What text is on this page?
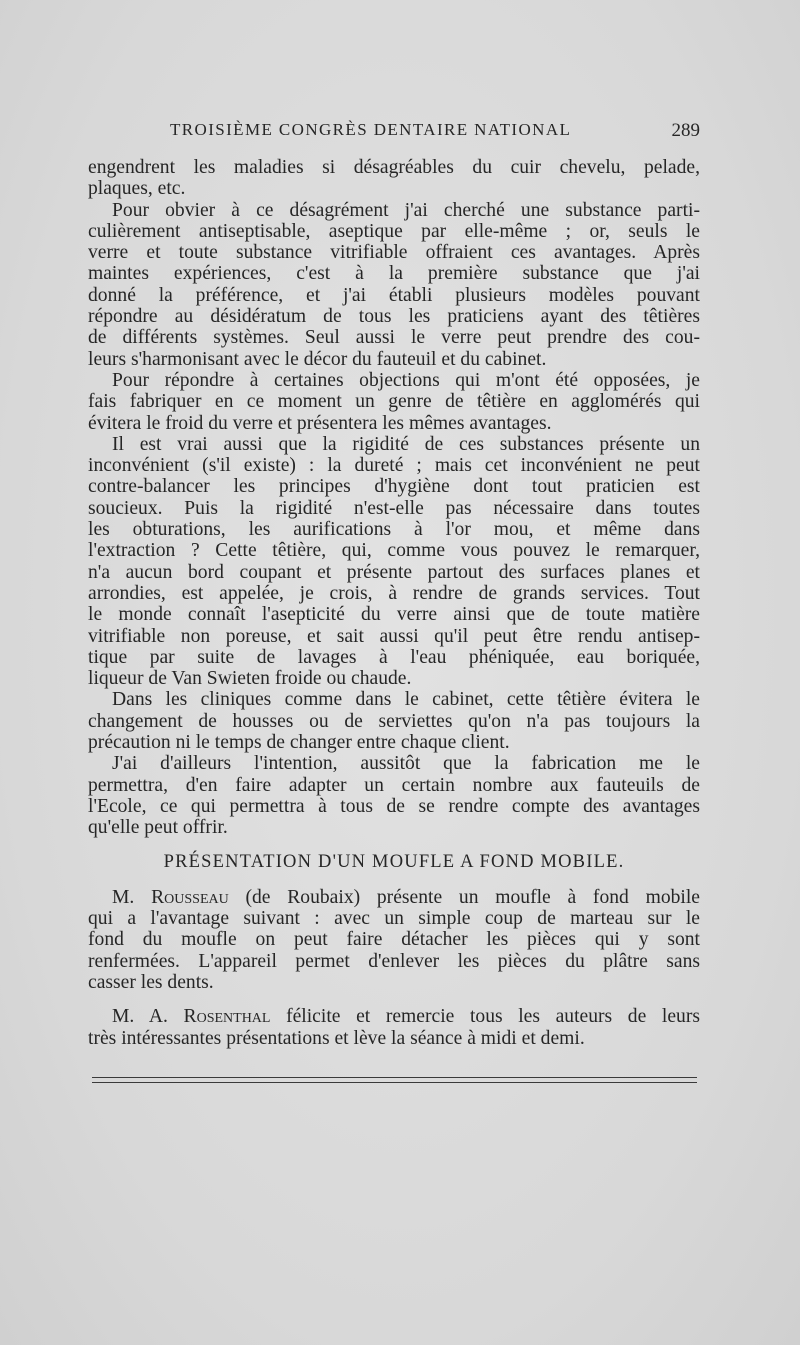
TROISIÈME CONGRÈS DENTAIRE NATIONAL	289
engendrent les maladies si désagréables du cuir chevelu, pelade,
plaques, etc.
Pour obvier à ce désagrément j'ai cherché une substance parti-
culièrement antiseptisable, aseptique par elle-même ; or, seuls le
verre et toute substance vitrifiable offraient ces avantages. Après
maintes expériences, c'est à la première substance que j'ai
donné la préférence, et j'ai établi plusieurs modèles pouvant
répondre au désidératum de tous les praticiens ayant des têtières
de différents systèmes. Seul aussi le verre peut prendre des cou-
leurs s'harmonisant avec le décor du fauteuil et du cabinet.
Pour répondre à certaines objections qui m'ont été opposées, je
fais fabriquer en ce moment un genre de têtière en agglomérés qui
évitera le froid du verre et présentera les mêmes avantages.
Il est vrai aussi que la rigidité de ces substances présente un
inconvénient (s'il existe) : la dureté ; mais cet inconvénient ne peut
contre-balancer les principes d'hygiène dont tout praticien est
soucieux. Puis la rigidité n'est-elle pas nécessaire dans toutes
les obturations, les aurifications à l'or mou, et même dans
l'extraction ? Cette têtière, qui, comme vous pouvez le remarquer,
n'a aucun bord coupant et présente partout des surfaces planes et
arrondies, est appelée, je crois, à rendre de grands services. Tout
le monde connaît l'asepticité du verre ainsi que de toute matière
vitrifiable non poreuse, et sait aussi qu'il peut être rendu antisep-
tique par suite de lavages à l'eau phéniquée, eau boriquée,
liqueur de Van Swieten froide ou chaude.
Dans les cliniques comme dans le cabinet, cette têtière évitera le
changement de housses ou de serviettes qu'on n'a pas toujours la
précaution ni le temps de changer entre chaque client.
J'ai d'ailleurs l'intention, aussitôt que la fabrication me le
permettra, d'en faire adapter un certain nombre aux fauteuils de
l'Ecole, ce qui permettra à tous de se rendre compte des avantages
qu'elle peut offrir.
PRÉSENTATION D'UN MOUFLE A FOND MOBILE.
M. Rousseau (de Roubaix) présente un moufle à fond mobile
qui a l'avantage suivant : avec un simple coup de marteau sur le
fond du moufle on peut faire détacher les pièces qui y sont
renfermées. L'appareil permet d'enlever les pièces du plâtre sans
casser les dents.
M. A. Rosenthal félicite et remercie tous les auteurs de leurs
très intéressantes présentations et lève la séance à midi et demi.
